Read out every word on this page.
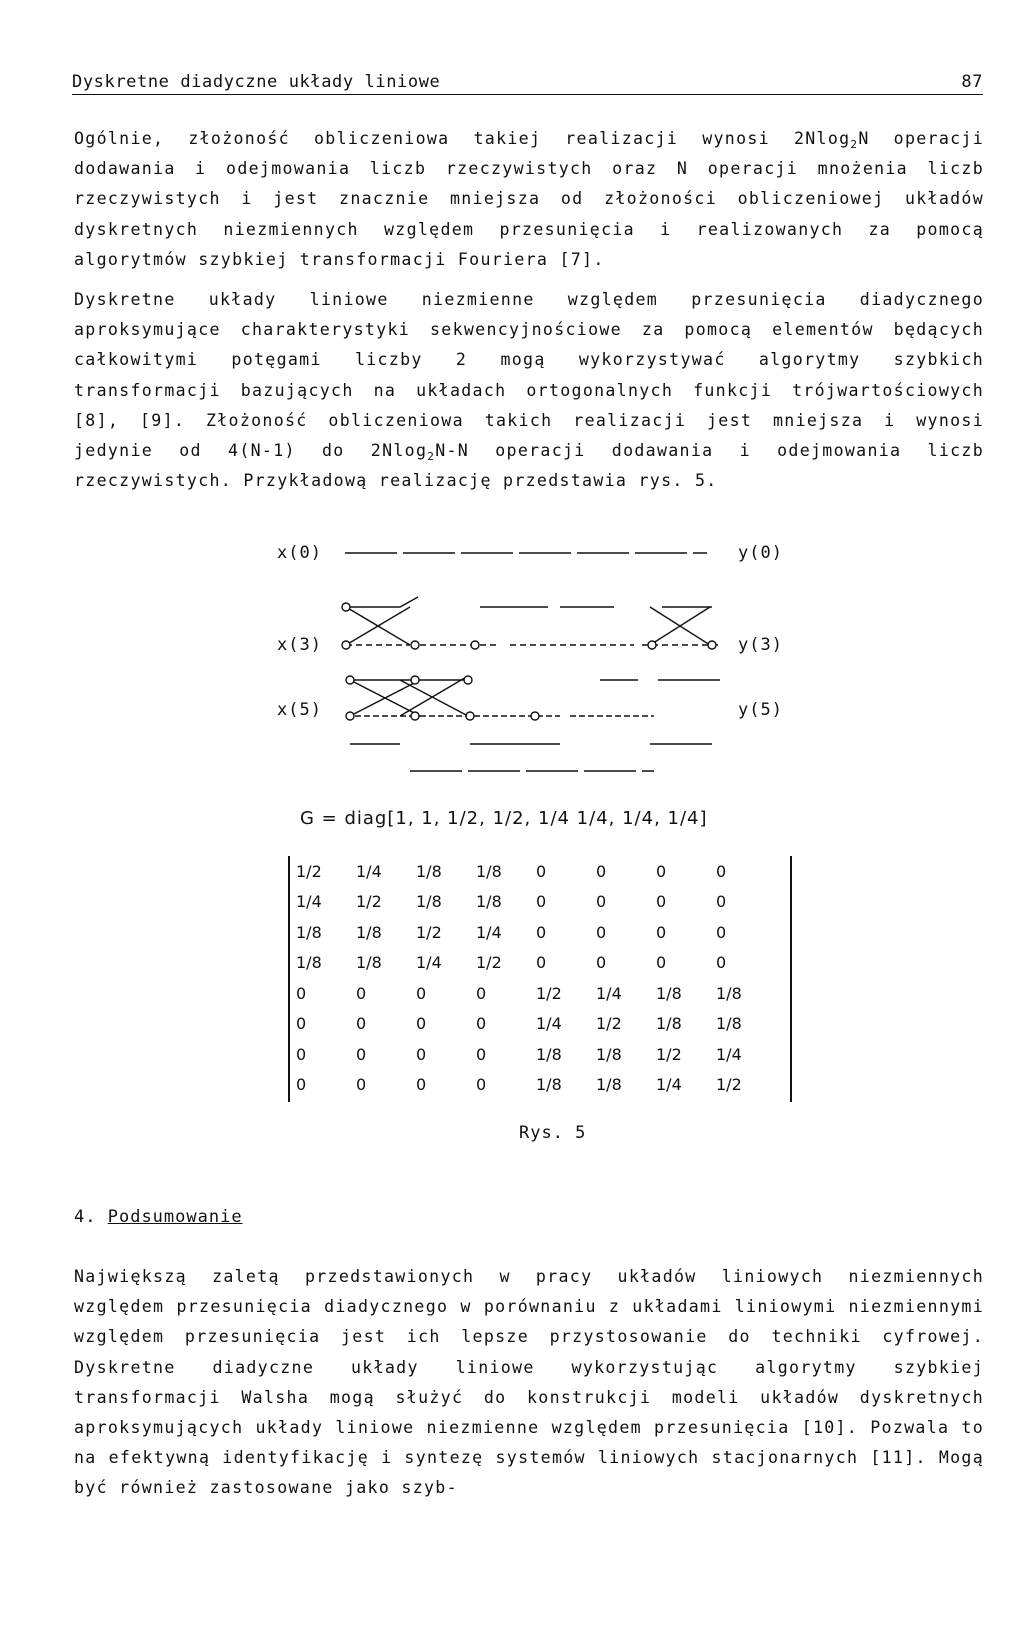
Dyskretne diadyczne układy liniowe	87

Ogólnie, złożoność obliczeniowa takiej realizacji wynosi 2Nlog$_2$N operacji dodawania i odejmowania liczb rzeczywistych oraz N operacji mnożenia liczb rzeczywistych i jest znacznie mniejsza od złożoności obliczeniowej układów dyskretnych niezmiennych względem przesunięcia i realizowanych za pomocą algorytmów szybkiej transformacji Fouriera [7].

Dyskretne układy liniowe niezmienne względem przesunięcia diadycznego aproksymujące charakterystyki sekwencyjnościowe za pomocą elementów będących całkowitymi potęgami liczby 2 mogą wykorzystywać algorytmy szybkich transformacji bazujących na układach ortogonalnych funkcji trójwartościowych [8], [9]. Złożoność obliczeniowa takich realizacji jest mniejsza i wynosi jedynie od 4(N-1) do 2Nlog$_2$N-N operacji dodawania i odejmowania liczb rzeczywistych. Przykładową realizację przedstawia rys. 5.

x(0)
x(3)
x(5)
y(0)
y(3)
y(5)
G = diag[1, 1, 1/2, 1/2, 1/4 1/4, 1/4, 1/4]
1/2	1/4	1/8	1/8	0	0	0	0
1/4	1/2	1/8	1/8	0	0	0	0
1/8	1/8	1/2	1/4	0	0	0	0
1/8	1/8	1/4	1/2	0	0	0	0
0	0	0	0	1/2	1/4	1/8	1/8
0	0	0	0	1/4	1/2	1/8	1/8
0	0	0	0	1/8	1/8	1/2	1/4
0	0	0	0	1/8	1/8	1/4	1/2
Rys. 5
4. Podsumowanie

Największą zaletą przedstawionych w pracy układów liniowych niezmiennych względem przesunięcia diadycznego w porównaniu z układami liniowymi niezmiennymi względem przesunięcia jest ich lepsze przystosowanie do techniki cyfrowej. Dyskretne diadyczne układy liniowe wykorzystując algorytmy szybkiej transformacji Walsha mogą służyć do konstrukcji modeli układów dyskretnych aproksymujących układy liniowe niezmienne względem przesunięcia [10]. Pozwala to na efektywną identyfikację i syntezę systemów liniowych stacjonarnych [11]. Mogą być również zastosowane jako szyb-
